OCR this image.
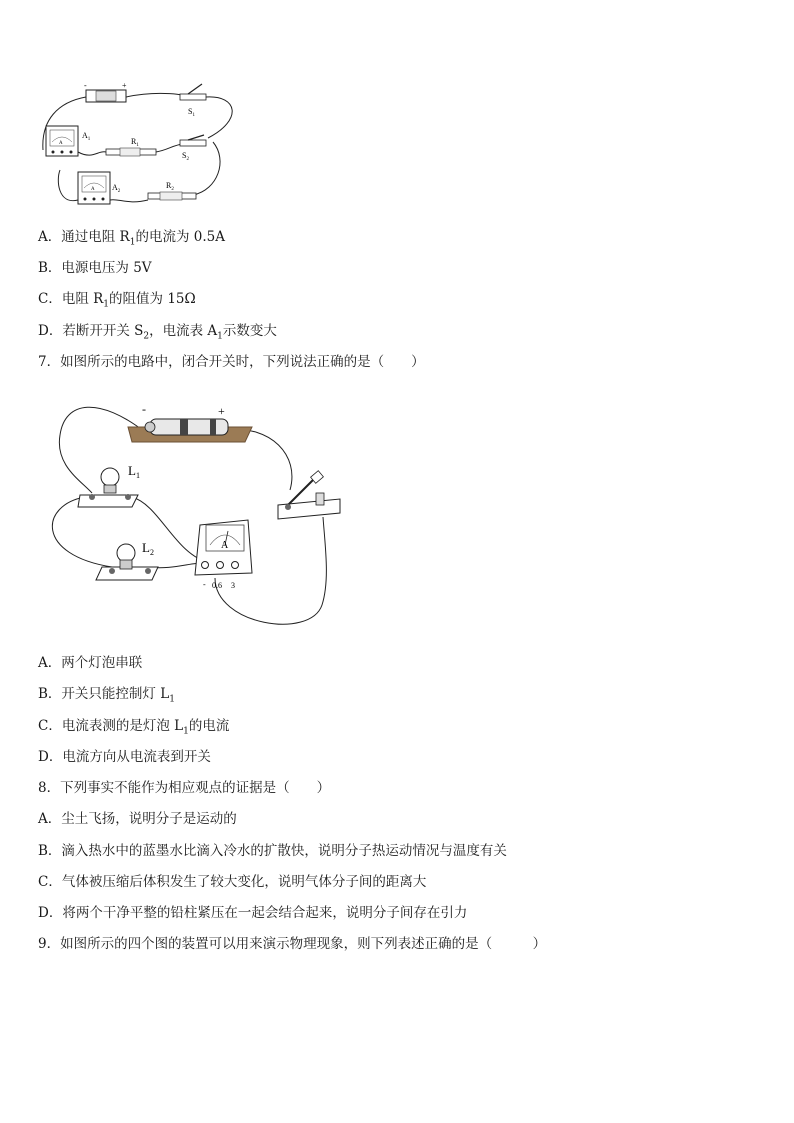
-	+
$S_1$
$S_2$
A
$A_1$	$R_1$
A $A_2$
$R_2$
A．通过电阻 $R_1$的电流为 0.5A
B．电源电压为 5V
C．电阻 $R_1$的阻值为 15Ω
D．若断开开关 $S_2$，电流表 $A_1$示数变大
7．如图所示的电路中，闭合开关时，下列说法正确的是（　　）
-	+
$L_1$
$L_2$
A
- 0.6 3
A．两个灯泡串联
B．开关只能控制灯 $L_1$
C．电流表测的是灯泡 $L_1$的电流
D．电流方向从电流表到开关
8．下列事实不能作为相应观点的证据是（　　）
A．尘土飞扬，说明分子是运动的
B．滴入热水中的蓝墨水比滴入冷水的扩散快，说明分子热运动情况与温度有关
C．气体被压缩后体积发生了较大变化，说明气体分子间的距离大
D．将两个干净平整的铅柱紧压在一起会结合起来，说明分子间存在引力
9．如图所示的四个图的装置可以用来演示物理现象，则下列表述正确的是（　　　）
